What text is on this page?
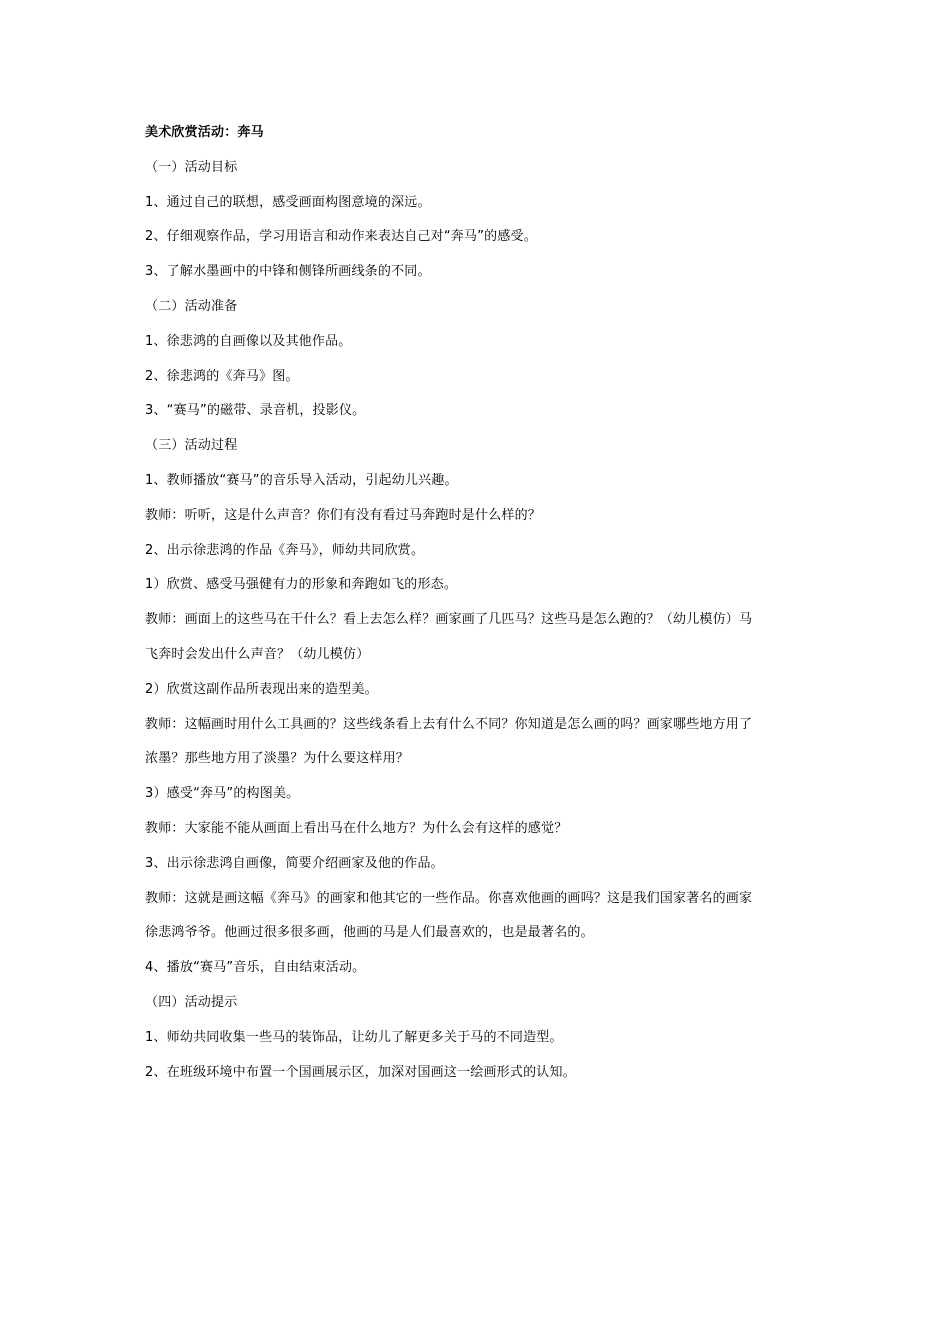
美术欣赏活动：奔马
（一）活动目标
1、通过自己的联想，感受画面构图意境的深远。
2、仔细观察作品，学习用语言和动作来表达自己对“奔马”的感受。
3、了解水墨画中的中锋和侧锋所画线条的不同。
（二）活动准备
1、徐悲鸿的自画像以及其他作品。
2、徐悲鸿的《奔马》图。
3、“赛马”的磁带、录音机，投影仪。
（三）活动过程
1、教师播放“赛马”的音乐导入活动，引起幼儿兴趣。
教师：听听，这是什么声音？你们有没有看过马奔跑时是什么样的？
2、出示徐悲鸿的作品《奔马》，师幼共同欣赏。
1）欣赏、感受马强健有力的形象和奔跑如飞的形态。
教师：画面上的这些马在干什么？看上去怎么样？画家画了几匹马？这些马是怎么跑的？（幼儿模仿）马
飞奔时会发出什么声音？（幼儿模仿）
2）欣赏这副作品所表现出来的造型美。
教师：这幅画时用什么工具画的？这些线条看上去有什么不同？你知道是怎么画的吗？画家哪些地方用了
浓墨？那些地方用了淡墨？为什么要这样用？
3）感受“奔马”的构图美。
教师：大家能不能从画面上看出马在什么地方？为什么会有这样的感觉？
3、出示徐悲鸿自画像，简要介绍画家及他的作品。
教师：这就是画这幅《奔马》的画家和他其它的一些作品。你喜欢他画的画吗？这是我们国家著名的画家
徐悲鸿爷爷。他画过很多很多画，他画的马是人们最喜欢的，也是最著名的。
4、播放“赛马”音乐，自由结束活动。
（四）活动提示
1、师幼共同收集一些马的装饰品，让幼儿了解更多关于马的不同造型。
2、在班级环境中布置一个国画展示区，加深对国画这一绘画形式的认知。
